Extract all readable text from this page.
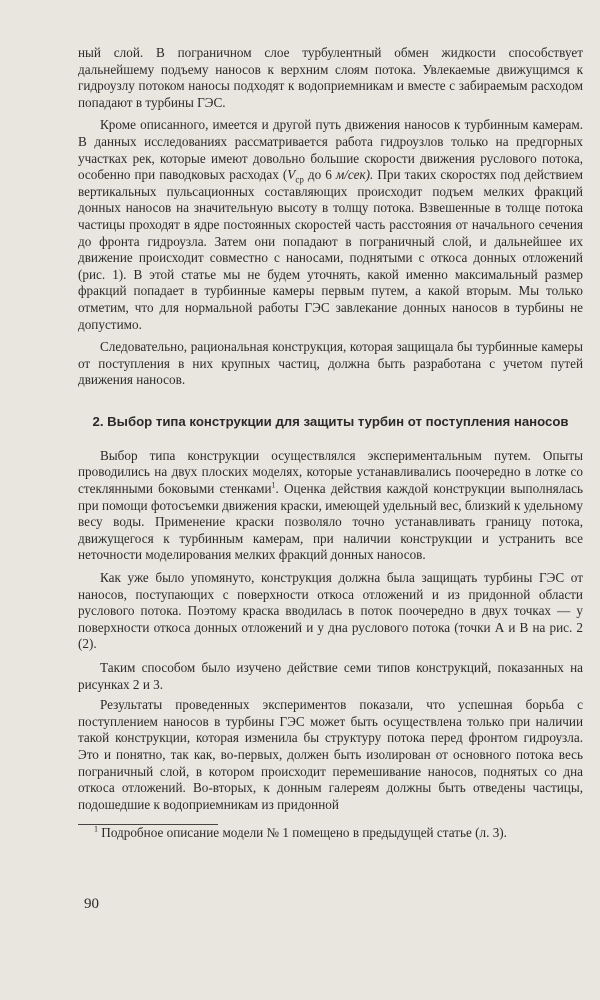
ный слой. В пограничном слое турбулентный обмен жидкости способствует дальнейшему подъему наносов к верхним слоям потока. Увлекаемые движущимся к гидроузлу потоком наносы подходят к водоприемникам и вместе с забираемым расходом попадают в турбины ГЭС.

Кроме описанного, имеется и другой путь движения наносов к турбинным камерам. В данных исследованиях рассматривается работа гидроузлов только на предгорных участках рек, которые имеют довольно большие скорости движения руслового потока, особенно при паводковых расходах ($V_{ср}$ до 6 м/сек). При таких скоростях под действием вертикальных пульсационных составляющих происходит подъем мелких фракций донных наносов на значительную высоту в толщу потока. Взвешенные в толще потока частицы проходят в ядре постоянных скоростей часть расстояния от начального сечения до фронта гидроузла. Затем они попадают в пограничный слой, и дальнейшее их движение происходит совместно с наносами, поднятыми с откоса донных отложений (рис. 1). В этой статье мы не будем уточнять, какой именно максимальный размер фракций попадает в турбинные камеры первым путем, а какой вторым. Мы только отметим, что для нормальной работы ГЭС завлекание донных наносов в турбины не допустимо.

Следовательно, рациональная конструкция, которая защищала бы турбинные камеры от поступления в них крупных частиц, должна быть разработана с учетом путей движения наносов.

2. Выбор типа конструкции для защиты турбин от поступления наносов

Выбор типа конструкции осуществлялся экспериментальным путем. Опыты проводились на двух плоских моделях, которые устанавливались поочередно в лотке со стеклянными боковыми стенками$^1$. Оценка действия каждой конструкции выполнялась при помощи фотосъемки движения краски, имеющей удельный вес, близкий к удельному весу воды. Применение краски позволяло точно устанавливать границу потока, движущегося к турбинным камерам, при наличии конструкции и устранить все неточности моделирования мелких фракций донных наносов.

Как уже было упомянуто, конструкция должна была защищать турбины ГЭС от наносов, поступающих с поверхности откоса отложений и из придонной области руслового потока. Поэтому краска вводилась в поток поочередно в двух точках — у поверхности откоса донных отложений и у дна руслового потока (точки А и В на рис. 2 (2).

Таким способом было изучено действие семи типов конструкций, показанных на рисунках 2 и 3.

Результаты проведенных экспериментов показали, что успешная борьба с поступлением наносов в турбины ГЭС может быть осуществлена только при наличии такой конструкции, которая изменила бы структуру потока перед фронтом гидроузла. Это и понятно, так как, во-первых, должен быть изолирован от основного потока весь пограничный слой, в котором происходит перемешивание наносов, поднятых со дна откоса отложений. Во-вторых, к донным галереям должны быть отведены частицы, подошедшие к водоприемникам из придонной

$^1$ Подробное описание модели № 1 помещено в предыдущей статье (л. 3).

90
